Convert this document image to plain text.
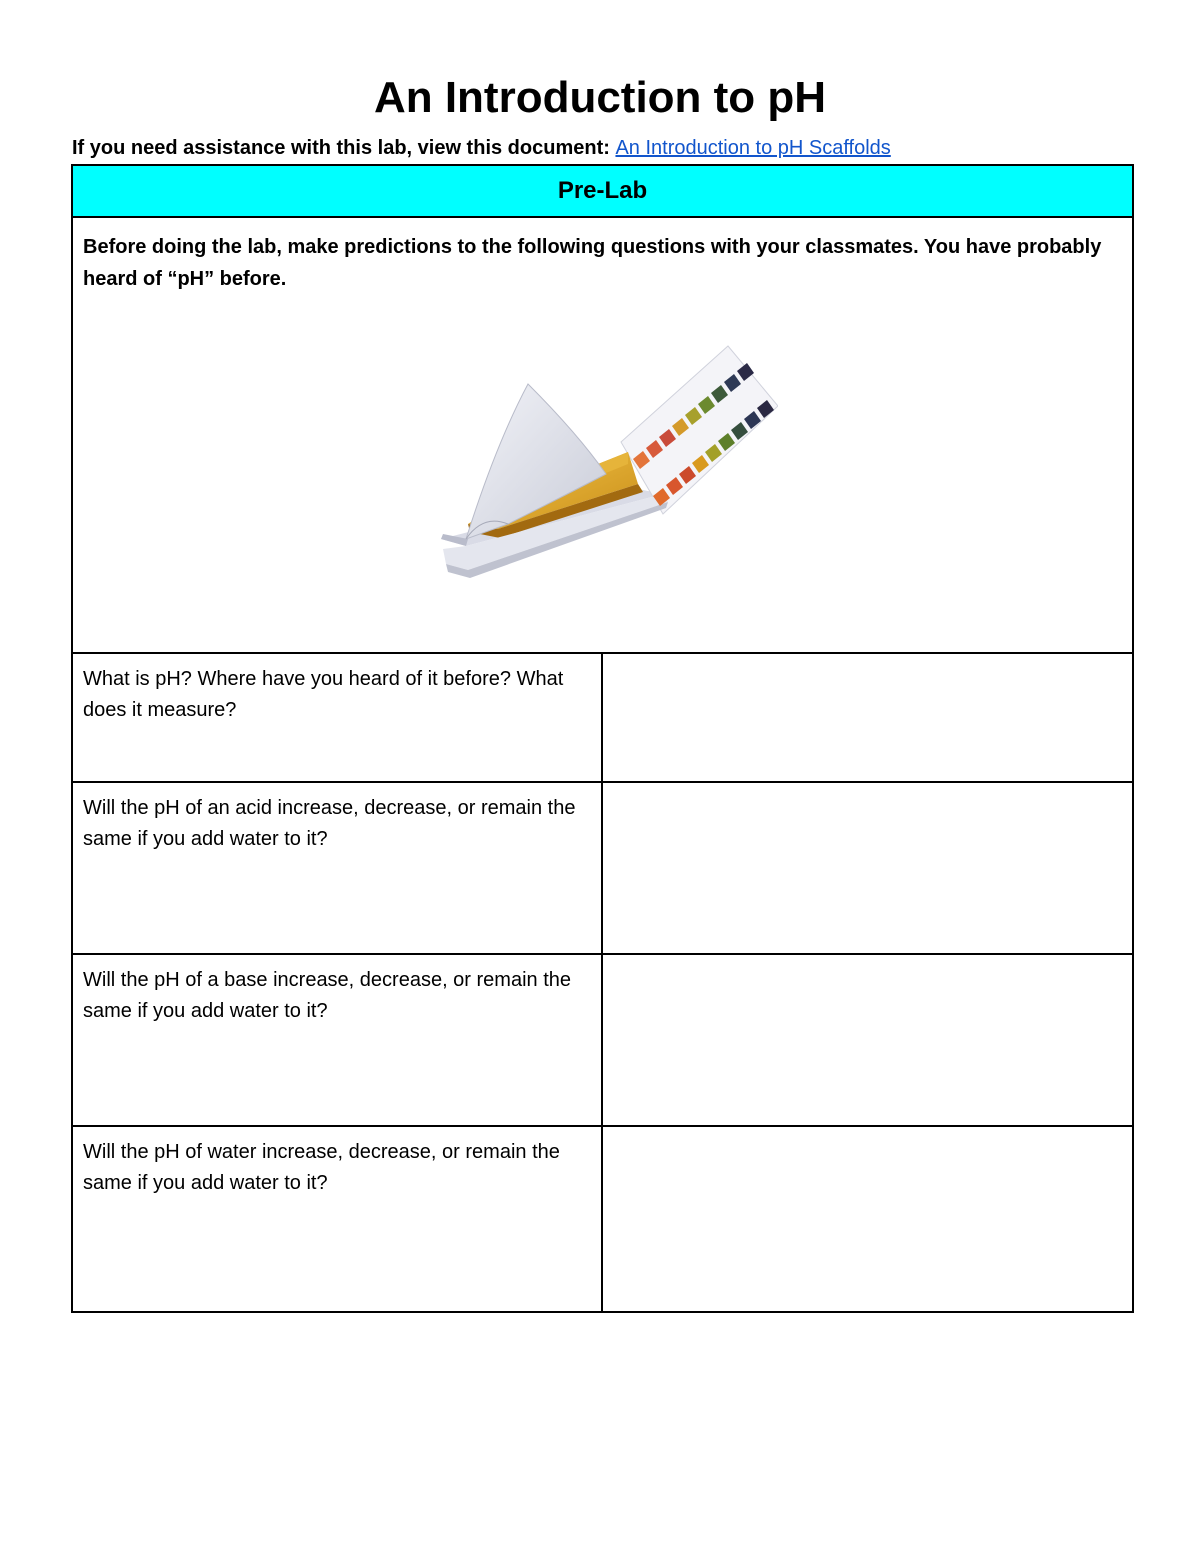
An Introduction to pH
If you need assistance with this lab, view this document: An Introduction to pH Scaffolds
Pre-Lab	

Before doing the lab, make predictions to the following questions with your classmates. You have probably heard of “pH” before.	

What is pH? Where have you heard of it before? What does it measure?	
Will the pH of an acid increase, decrease, or remain the same if you add water to it?	
Will the pH of a base increase, decrease, or remain the same if you add water to it?	
Will the pH of water increase, decrease, or remain the same if you add water to it?	
